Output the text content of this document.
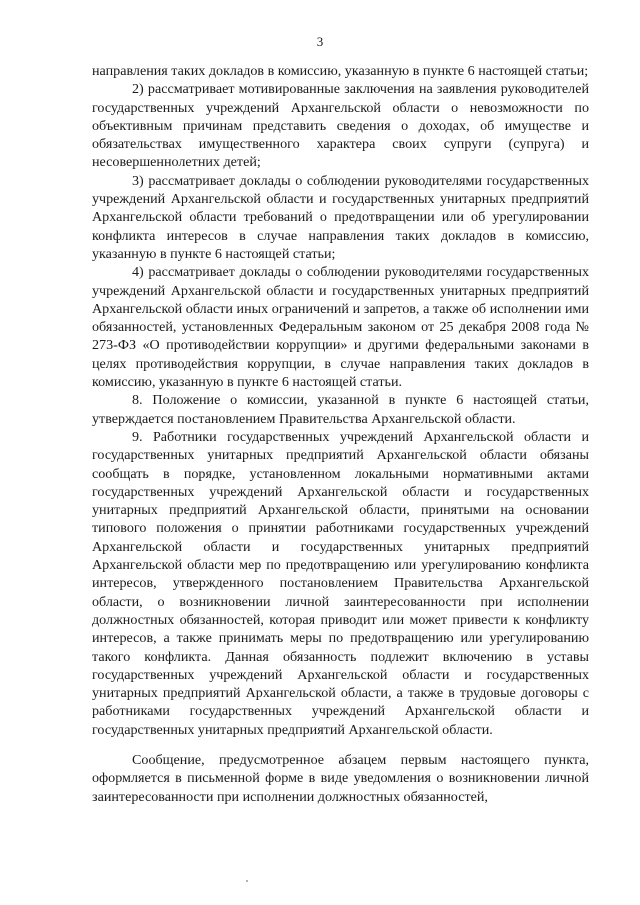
3

направления таких докладов в комиссию, указанную в пункте 6 настоящей статьи;

2) рассматривает мотивированные заключения на заявления руководителей государственных учреждений Архангельской области о невозможности по объективным причинам представить сведения о доходах, об имуществе и обязательствах имущественного характера своих супруги (супруга) и несовершеннолетних детей;

3) рассматривает доклады о соблюдении руководителями государственных учреждений Архангельской области и государственных унитарных предприятий Архангельской области требований о предотвращении или об урегулировании конфликта интересов в случае направления таких докладов в комиссию, указанную в пункте 6 настоящей статьи;

4) рассматривает доклады о соблюдении руководителями государственных учреждений Архангельской области и государственных унитарных предприятий Архангельской области иных ограничений и запретов, а также об исполнении ими обязанностей, установленных Федеральным законом от 25 декабря 2008 года № 273-ФЗ «О противодействии коррупции» и другими федеральными законами в целях противодействия коррупции, в случае направления таких докладов в комиссию, указанную в пункте 6 настоящей статьи.

8. Положение о комиссии, указанной в пункте 6 настоящей статьи, утверждается постановлением Правительства Архангельской области.

9. Работники государственных учреждений Архангельской области и государственных унитарных предприятий Архангельской области обязаны сообщать в порядке, установленном локальными нормативными актами государственных учреждений Архангельской области и государственных унитарных предприятий Архангельской области, принятыми на основании типового положения о принятии работниками государственных учреждений Архангельской области и государственных унитарных предприятий Архангельской области мер по предотвращению или урегулированию конфликта интересов, утвержденного постановлением Правительства Архангельской области, о возникновении личной заинтересованности при исполнении должностных обязанностей, которая приводит или может привести к конфликту интересов, а также принимать меры по предотвращению или урегулированию такого конфликта. Данная обязанность подлежит включению в уставы государственных учреждений Архангельской области и государственных унитарных предприятий Архангельской области, а также в трудовые договоры с работниками государственных учреждений Архангельской области и государственных унитарных предприятий Архангельской области.

Сообщение, предусмотренное абзацем первым настоящего пункта, оформляется в письменной форме в виде уведомления о возникновении личной заинтересованности при исполнении должностных обязанностей,
